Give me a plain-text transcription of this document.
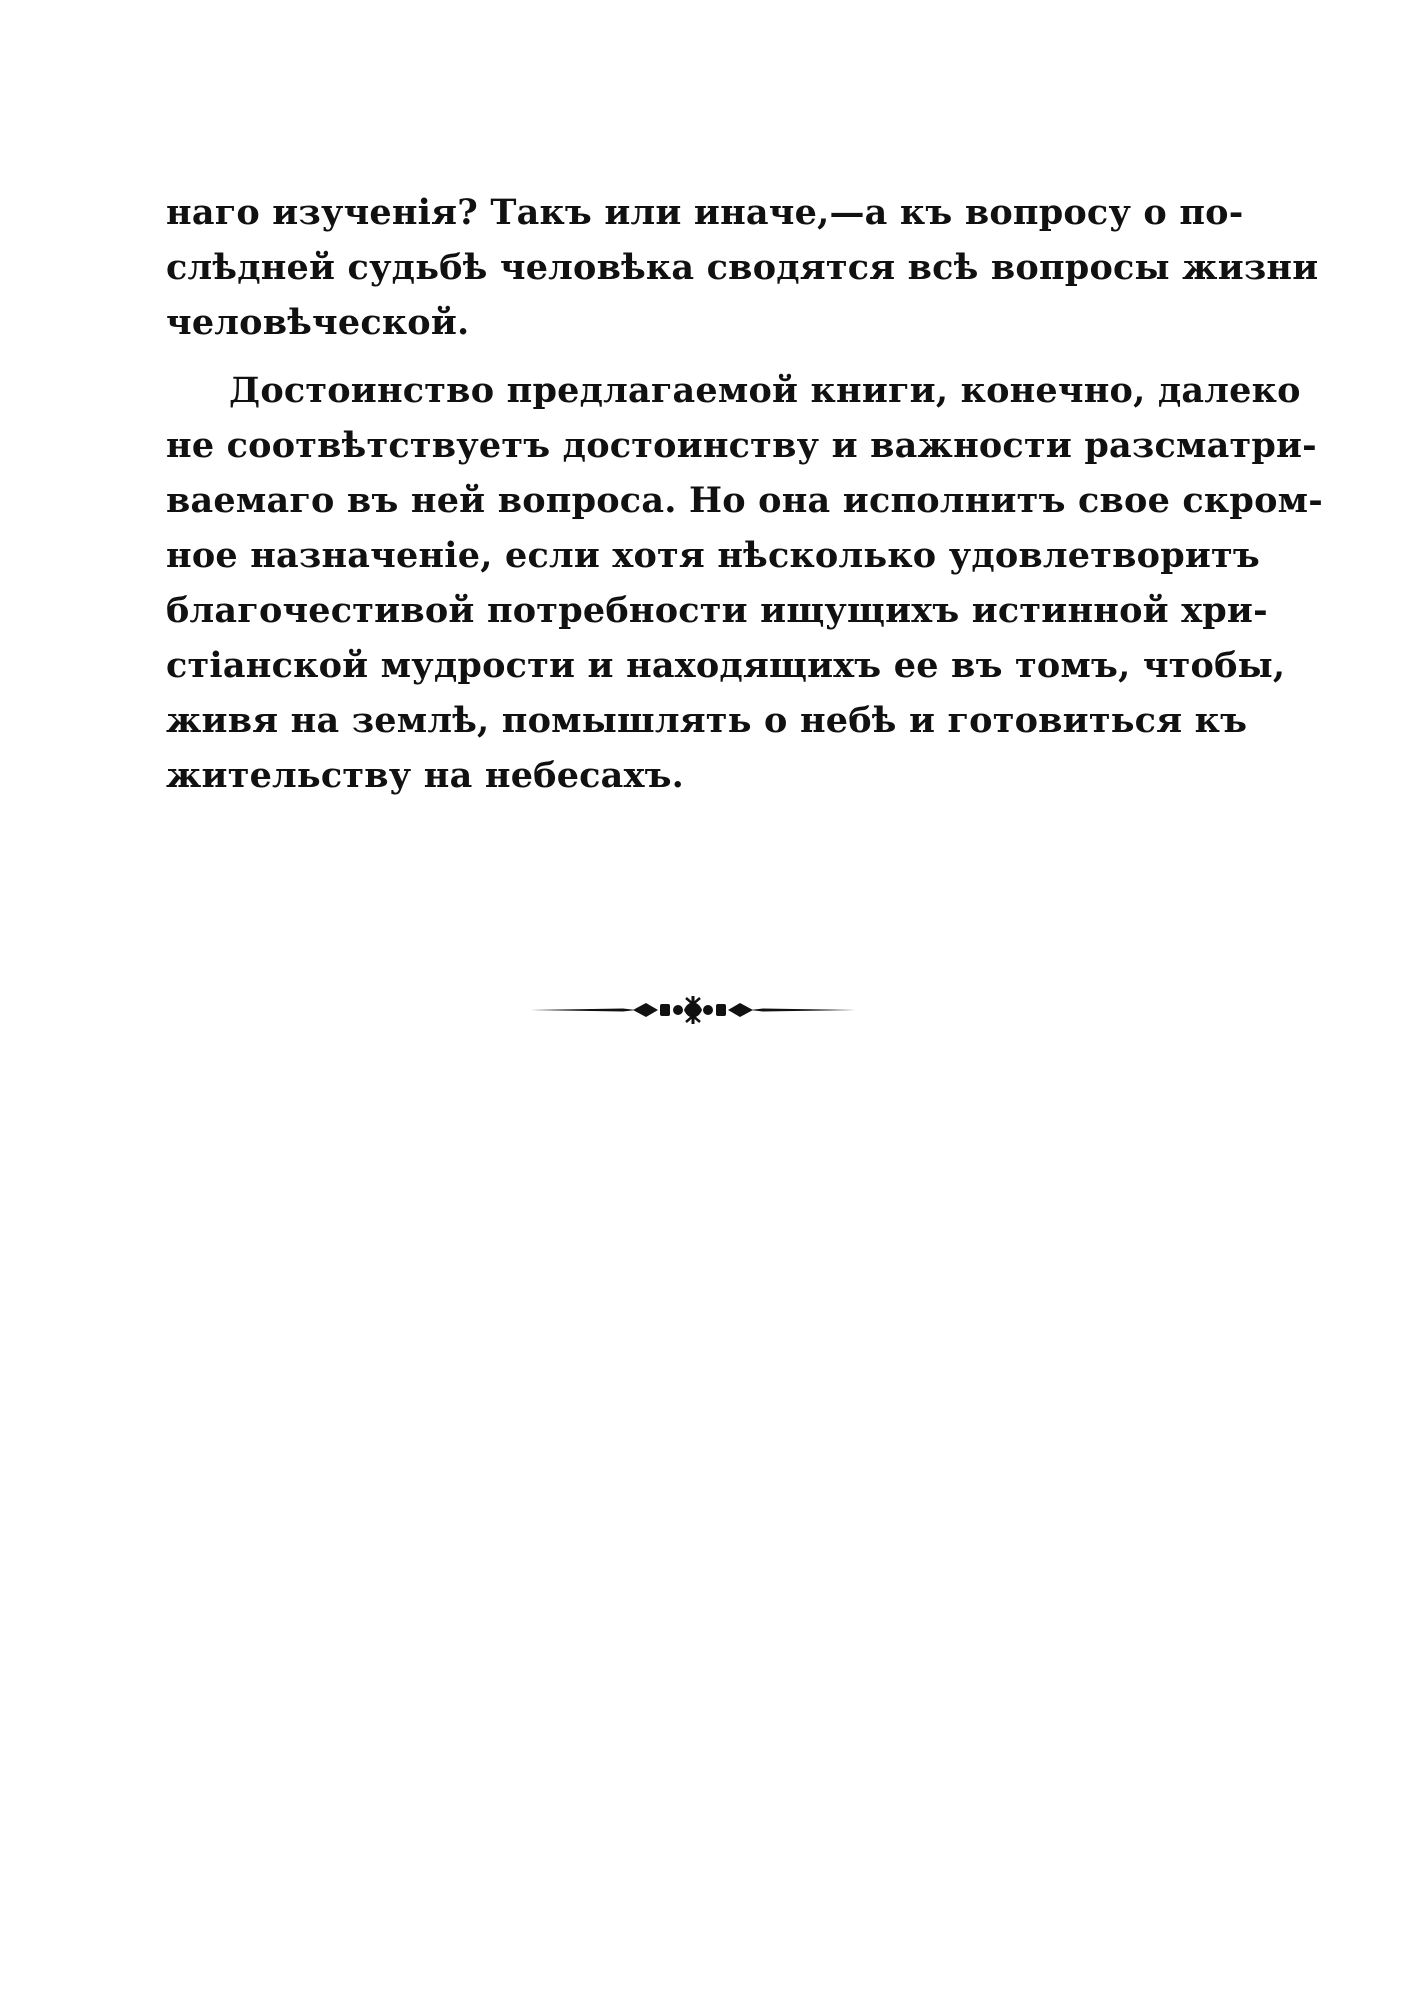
наго изученія? Такъ или иначе,—а къ вопросу о по-
слѣдней судьбѣ человѣка сводятся всѣ вопросы жизни
человѣческой.
Достоинство предлагаемой книги, конечно, далеко
не соотвѣтствуетъ достоинству и важности разсматри-
ваемаго въ ней вопроса. Но она исполнитъ свое скром-
ное назначеніе, если хотя нѣсколько удовлетворитъ
благочестивой потребности ищущихъ истинной хри-
стіанской мудрости и находящихъ ее въ томъ, чтобы,
живя на землѣ, помышлять о небѣ и готовиться къ
жительству на небесахъ.
